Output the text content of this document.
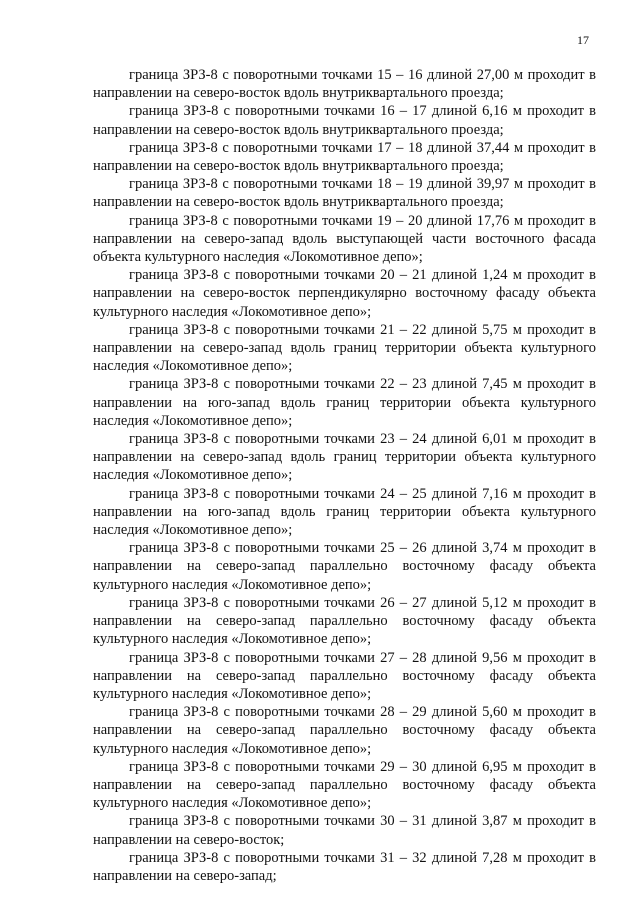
17

граница ЗРЗ-8 с поворотными точками 15 – 16 длиной 27,00 м проходит в направлении на северо-восток вдоль внутриквартального проезда;

граница ЗРЗ-8 с поворотными точками 16 – 17 длиной 6,16 м проходит в направлении на северо-восток вдоль внутриквартального проезда;

граница ЗРЗ-8 с поворотными точками 17 – 18 длиной 37,44 м проходит в направлении на северо-восток вдоль внутриквартального проезда;

граница ЗРЗ-8 с поворотными точками 18 – 19 длиной 39,97 м проходит в направлении на северо-восток вдоль внутриквартального проезда;

граница ЗРЗ-8 с поворотными точками 19 – 20 длиной 17,76 м проходит в направлении на северо-запад вдоль выступающей части восточного фасада объекта культурного наследия «Локомотивное депо»;

граница ЗРЗ-8 с поворотными точками 20 – 21 длиной 1,24 м проходит в направлении на северо-восток перпендикулярно восточному фасаду объекта культурного наследия «Локомотивное депо»;

граница ЗРЗ-8 с поворотными точками 21 – 22 длиной 5,75 м проходит в направлении на северо-запад вдоль границ территории объекта культурного наследия «Локомотивное депо»;

граница ЗРЗ-8 с поворотными точками 22 – 23 длиной 7,45 м проходит в направлении на юго-запад вдоль границ территории объекта культурного наследия «Локомотивное депо»;

граница ЗРЗ-8 с поворотными точками 23 – 24 длиной 6,01 м проходит в направлении на северо-запад вдоль границ территории объекта культурного наследия «Локомотивное депо»;

граница ЗРЗ-8 с поворотными точками 24 – 25 длиной 7,16 м проходит в направлении на юго-запад вдоль границ территории объекта культурного наследия «Локомотивное депо»;

граница ЗРЗ-8 с поворотными точками 25 – 26 длиной 3,74 м проходит в направлении на северо-запад параллельно восточному фасаду объекта культурного наследия «Локомотивное депо»;

граница ЗРЗ-8 с поворотными точками 26 – 27 длиной 5,12 м проходит в направлении на северо-запад параллельно восточному фасаду объекта культурного наследия «Локомотивное депо»;

граница ЗРЗ-8 с поворотными точками 27 – 28 длиной 9,56 м проходит в направлении на северо-запад параллельно восточному фасаду объекта культурного наследия «Локомотивное депо»;

граница ЗРЗ-8 с поворотными точками 28 – 29 длиной 5,60 м проходит в направлении на северо-запад параллельно восточному фасаду объекта культурного наследия «Локомотивное депо»;

граница ЗРЗ-8 с поворотными точками 29 – 30 длиной 6,95 м проходит в направлении на северо-запад параллельно восточному фасаду объекта культурного наследия «Локомотивное депо»;

граница ЗРЗ-8 с поворотными точками 30 – 31 длиной 3,87 м проходит в направлении на северо-восток;

граница ЗРЗ-8 с поворотными точками 31 – 32 длиной 7,28 м проходит в направлении на северо-запад;
